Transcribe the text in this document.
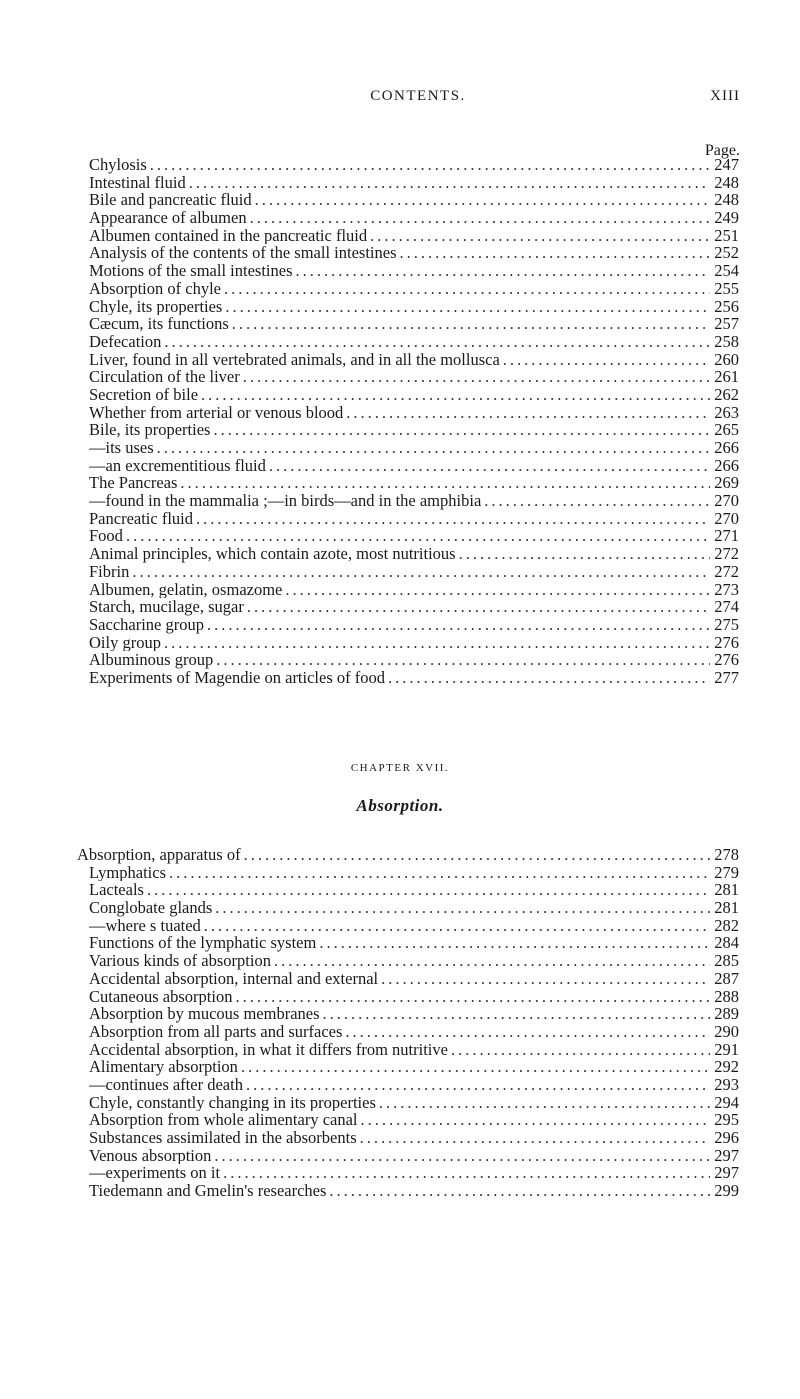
CONTENTS.	XIII
Page.
Chylosis .....	247
Intestinal fluid .....	248
Bile and pancreatic fluid .....	248
Appearance of albumen .....	249
Albumen contained in the pancreatic fluid .....	251
Analysis of the contents of the small intestines .....	252
Motions of the small intestines .....	254
Absorption of chyle .....	255
Chyle, its properties .....	256
Cæcum, its functions .....	257
Defecation .....	258
Liver, found in all vertebrated animals, and in all the mollusca .....	260
Circulation of the liver .....	261
Secretion of bile .....	262
Whether from arterial or venous blood .....	263
Bile, its properties .....	265
—its uses .....	266
—an excrementitious fluid .....	266
The Pancreas .....	269
—found in the mammalia ;—in birds—and in the amphibia .....	270
Pancreatic fluid .....	270
Food .....	271
Animal principles, which contain azote, most nutritious .....	272
Fibrin .....	272
Albumen, gelatin, osmazome .....	273
Starch, mucilage, sugar .....	274
Saccharine group .....	275
Oily group .....	276
Albuminous group .....	276
Experiments of Magendie on articles of food .....	277
CHAPTER XVII.
Absorption.
Absorption, apparatus of .....	278
Lymphatics .....	279
Lacteals .....	281
Conglobate glands .....	281
—where s tuated .....	282
Functions of the lymphatic system .....	284
Various kinds of absorption .....	285
Accidental absorption, internal and external .....	287
Cutaneous absorption .....	288
Absorption by mucous membranes .....	289
Absorption from all parts and surfaces .....	290
Accidental absorption, in what it differs from nutritive .....	291
Alimentary absorption .....	292
—continues after death .....	293
Chyle, constantly changing in its properties .....	294
Absorption from whole alimentary canal .....	295
Substances assimilated in the absorbents .....	296
Venous absorption .....	297
—experiments on it .....	297
Tiedemann and Gmelin's researches .....	299
